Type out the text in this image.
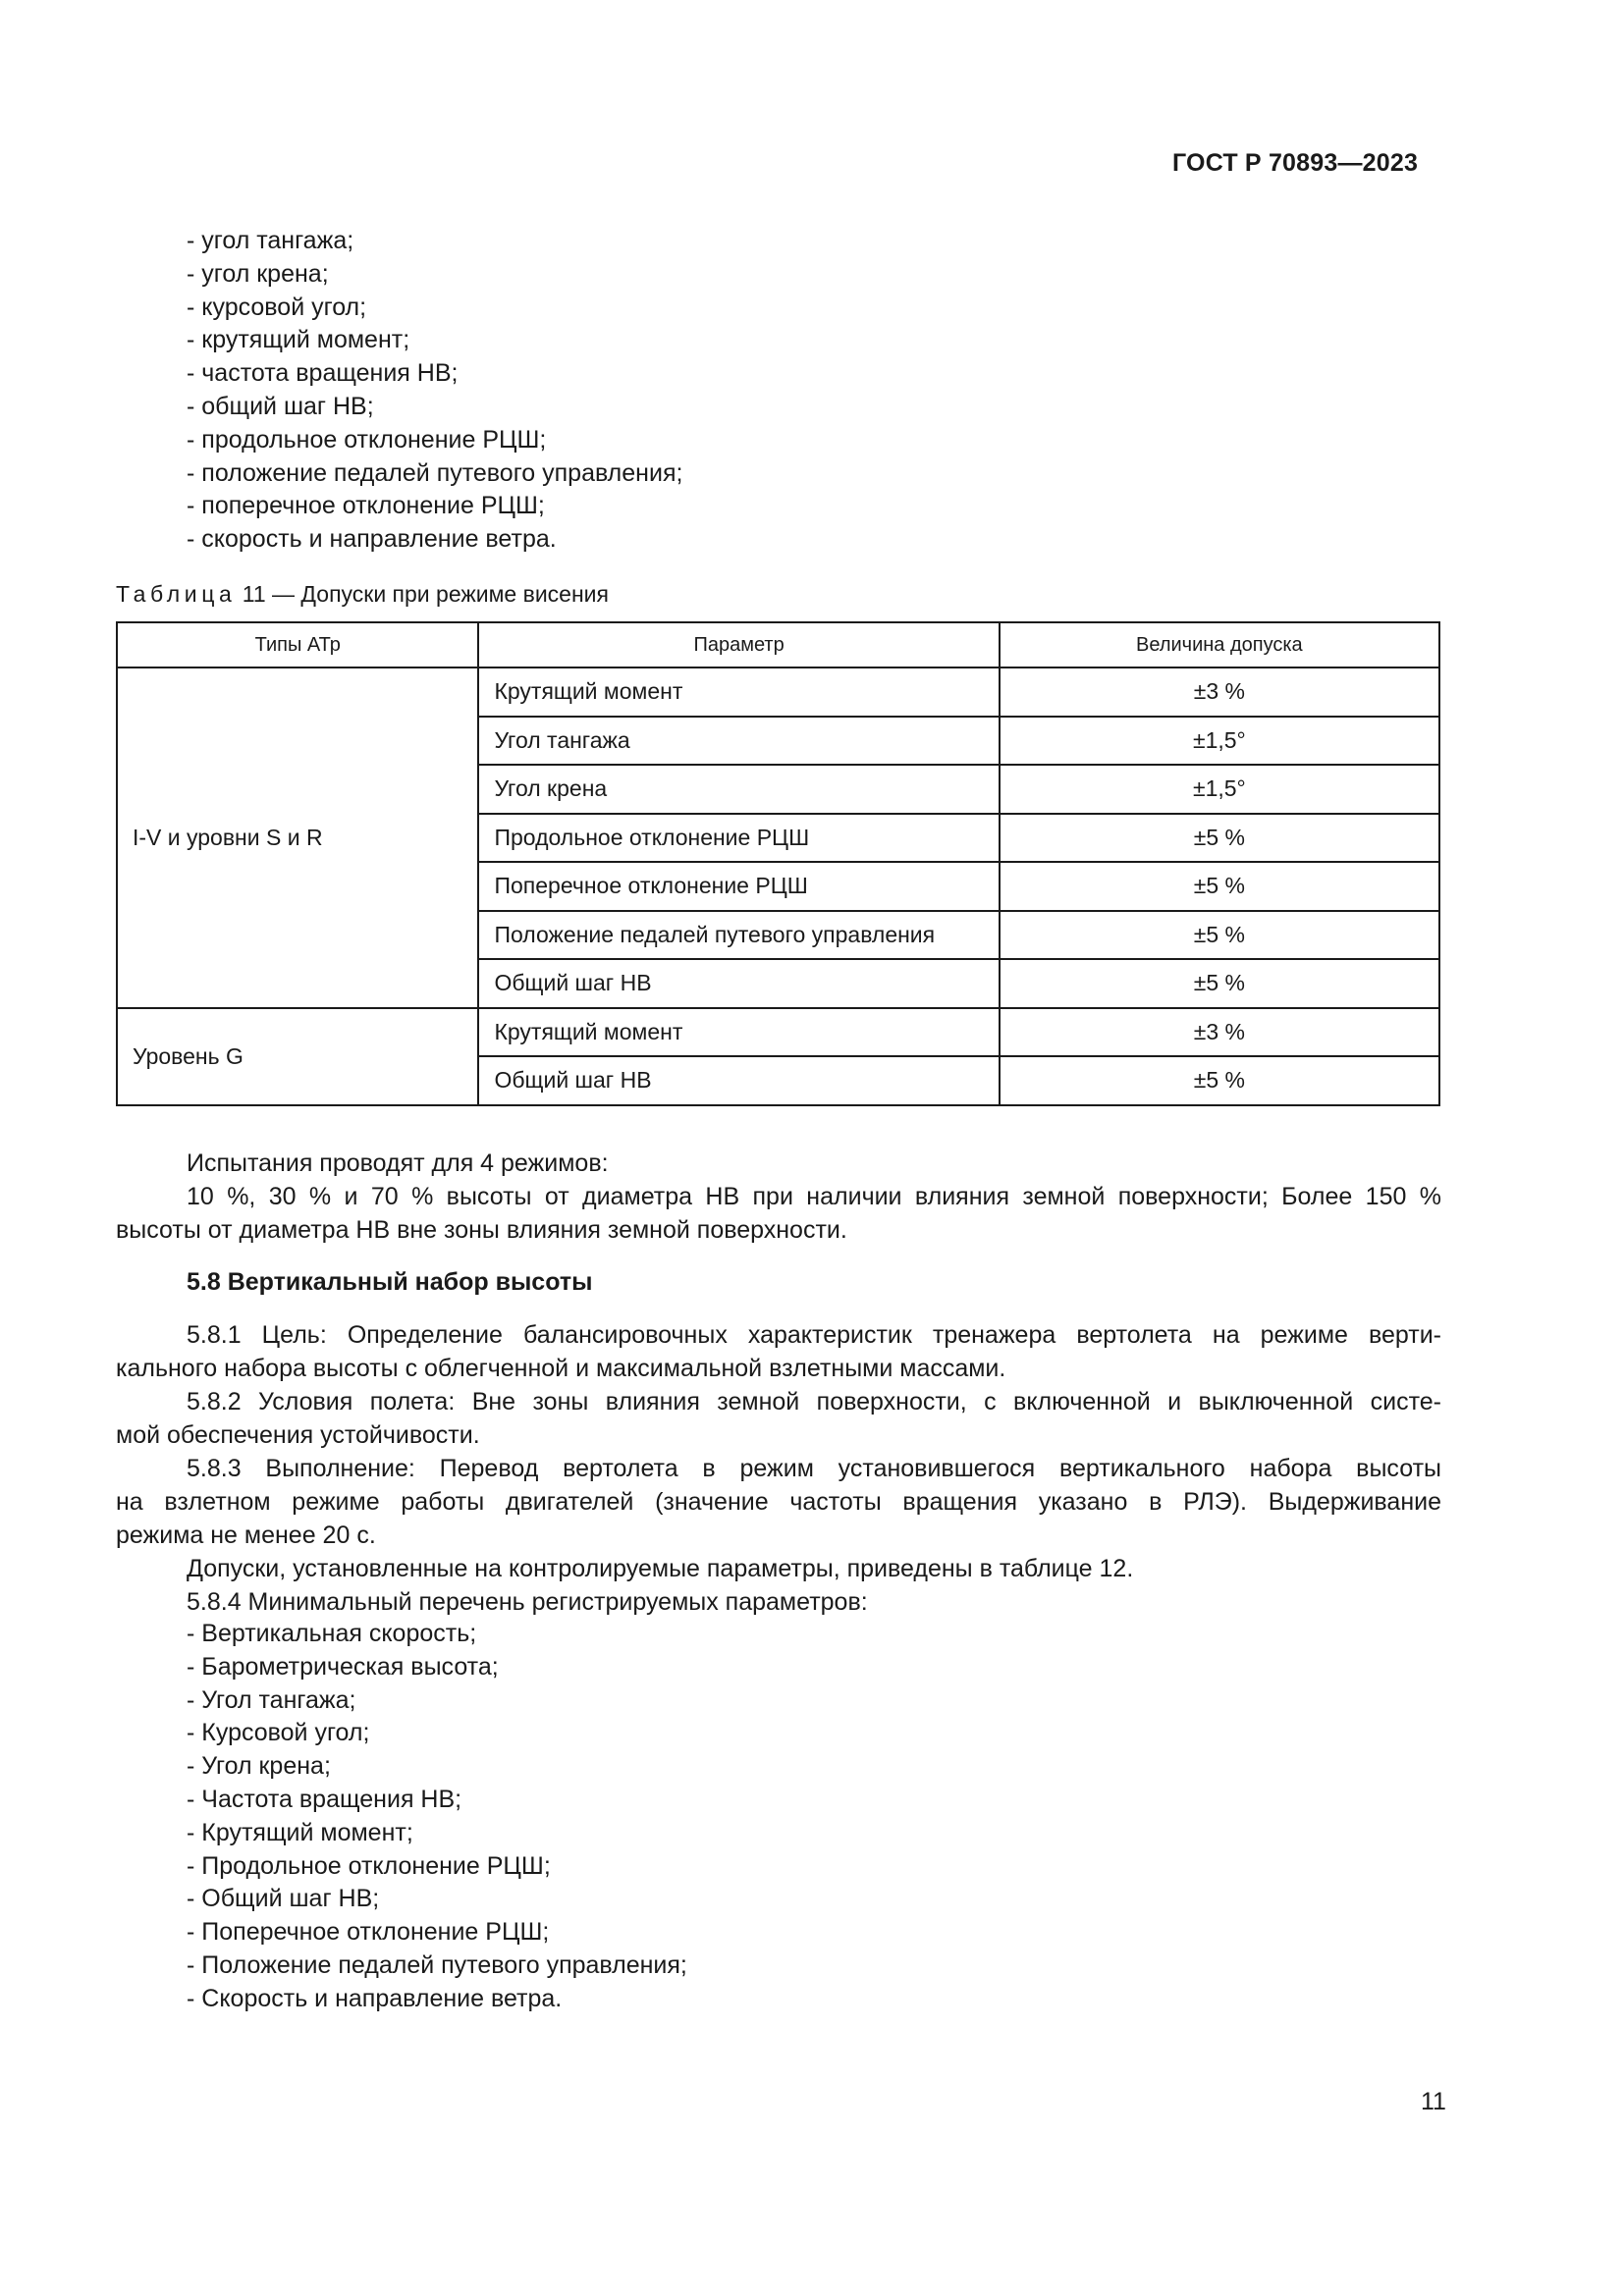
ГОСТ Р 70893—2023
- угол тангажа;
- угол крена;
- курсовой угол;
- крутящий момент;
- частота вращения НВ;
- общий шаг НВ;
- продольное отклонение РЦШ;
- положение педалей путевого управления;
- поперечное отклонение РЦШ;
- скорость и направление ветра.
Таблица 11 — Допуски при режиме висения
Типы АТр	Параметр	Величина допуска
I-V и уровни S и R	Крутящий момент	±3 %
	Угол тангажа	±1,5°
	Угол крена	±1,5°
	Продольное отклонение РЦШ	±5 %
	Поперечное отклонение РЦШ	±5 %
	Положение педалей путевого управления	±5 %
	Общий шаг НВ	±5 %
Уровень G	Крутящий момент	±3 %
	Общий шаг НВ	±5 %

Испытания проводят для 4 режимов:

10 %, 30 % и 70 % высоты от диаметра НВ при наличии влияния земной поверхности; Более 150 %
высоты от диаметра НВ вне зоны влияния земной поверхности.
5.8 Вертикальный набор высоты
5.8.1 Цель: Определение балансировочных характеристик тренажера вертолета на режиме верти-
кального набора высоты с облегченной и максимальной взлетными массами.
5.8.2 Условия полета: Вне зоны влияния земной поверхности, с включенной и выключенной систе-
мой обеспечения устойчивости.
5.8.3 Выполнение: Перевод вертолета в режим установившегося вертикального набора высоты
на взлетном режиме работы двигателей (значение частоты вращения указано в РЛЭ). Выдерживание
режима не менее 20 с.
Допуски, установленные на контролируемые параметры, приведены в таблице 12.
5.8.4 Минимальный перечень регистрируемых параметров:
- Вертикальная скорость;
- Барометрическая высота;
- Угол тангажа;
- Курсовой угол;
- Угол крена;
- Частота вращения НВ;
- Крутящий момент;
- Продольное отклонение РЦШ;
- Общий шаг НВ;
- Поперечное отклонение РЦШ;
- Положение педалей путевого управления;
- Скорость и направление ветра.
11
